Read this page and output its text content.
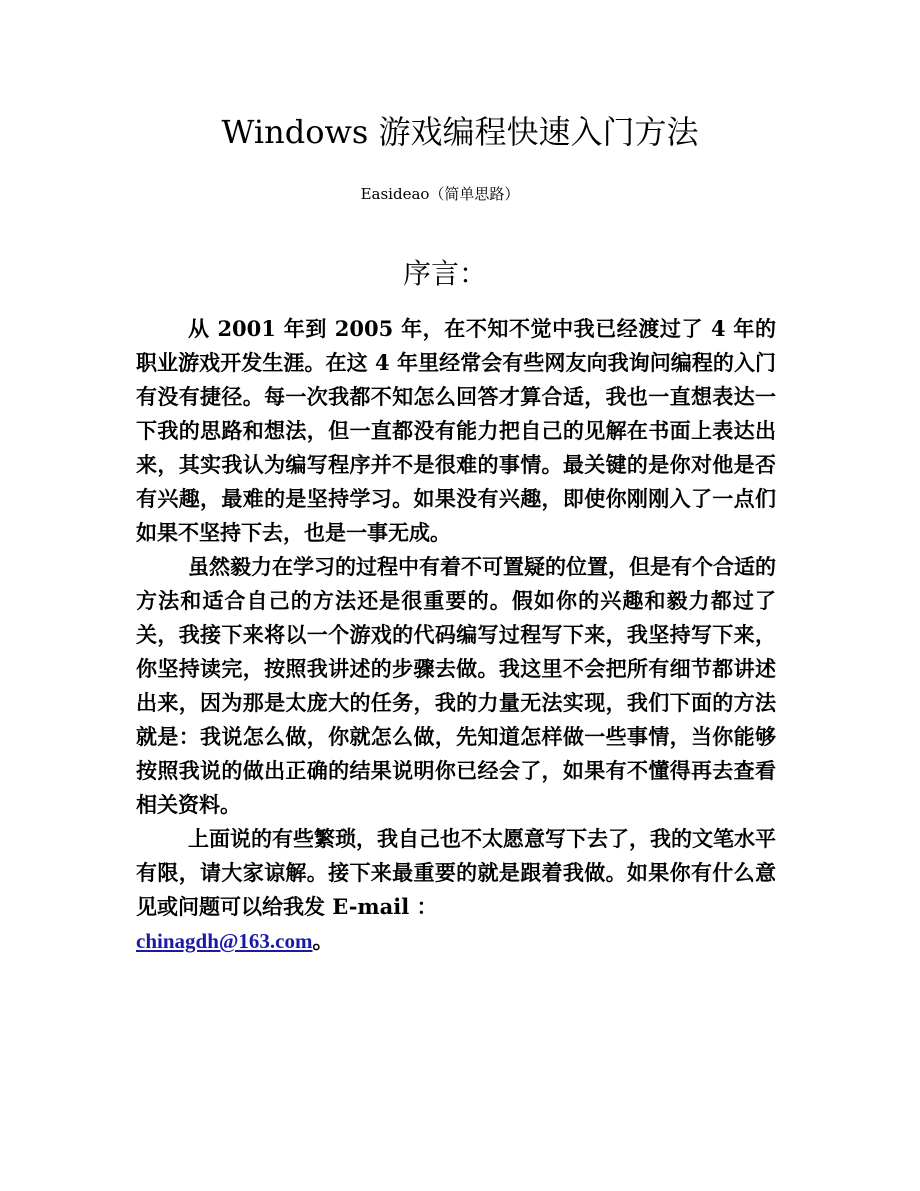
Windows 游戏编程快速入门方法

Easideao（简单思路）

序言：

从 2001 年到 2005 年，在不知不觉中我已经渡过了 4 年的职业游戏开发生涯。在这 4 年里经常会有些网友向我询问编程的入门有没有捷径。每一次我都不知怎么回答才算合适，我也一直想表达一下我的思路和想法，但一直都没有能力把自己的见解在书面上表达出来，其实我认为编写程序并不是很难的事情。最关键的是你对他是否有兴趣，最难的是坚持学习。如果没有兴趣，即使你刚刚入了一点们如果不坚持下去，也是一事无成。

虽然毅力在学习的过程中有着不可置疑的位置，但是有个合适的方法和适合自己的方法还是很重要的。假如你的兴趣和毅力都过了关，我接下来将以一个游戏的代码编写过程写下来，我坚持写下来，你坚持读完，按照我讲述的步骤去做。我这里不会把所有细节都讲述出来，因为那是太庞大的任务，我的力量无法实现，我们下面的方法就是：我说怎么做，你就怎么做，先知道怎样做一些事情，当你能够按照我说的做出正确的结果说明你已经会了，如果有不懂得再去查看相关资料。

上面说的有些繁琐，我自己也不太愿意写下去了，我的文笔水平有限，请大家谅解。接下来最重要的就是跟着我做。如果你有什么意见或问题可以给我发 E-mail ：
chinagdh@163.com。
